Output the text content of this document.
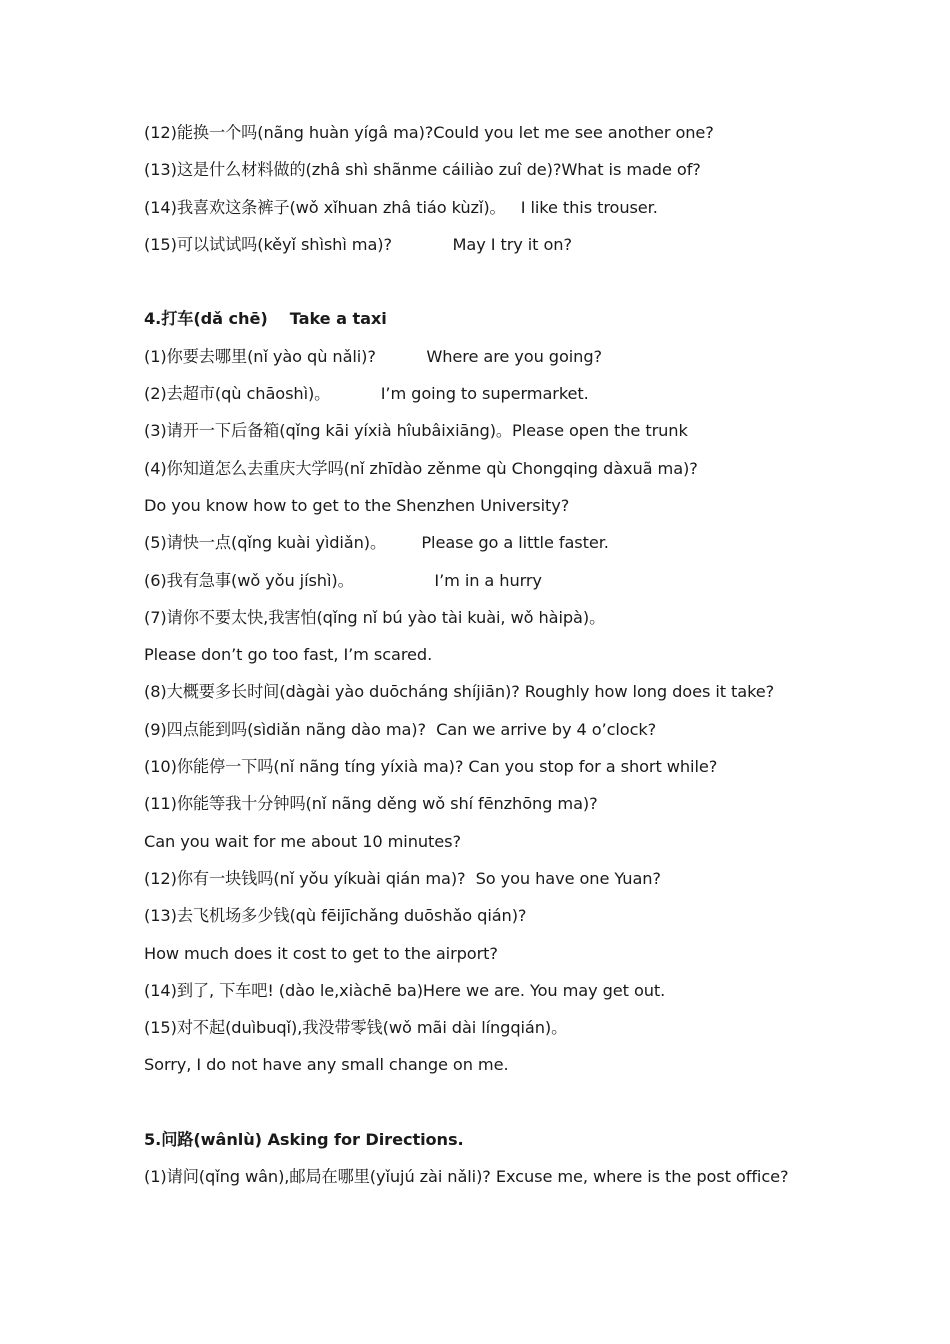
(12)能换一个吗(nãng huàn yígâ ma)?Could you let me see another one?
(13)这是什么材料做的(zhâ shì shãnme cáiliào zuî de)?What is made of?
(14)我喜欢这条裤子(wǒ xǐhuan zhâ tiáo kùzǐ)。   I like this trouser.
(15)可以试试吗(kěyǐ shìshì ma)?            May I try it on?
4.打车(dǎ chē)    Take a taxi
(1)你要去哪里(nǐ yào qù nǎli)?          Where are you going?
(2)去超市(qù chāoshì)。          I’m going to supermarket.
(3)请开一下后备箱(qǐng kāi yíxià hîubâixiāng)。Please open the trunk
(4)你知道怎么去重庆大学吗(nǐ zhīdào zěnme qù Chongqing dàxuã ma)?
Do you know how to get to the Shenzhen University?
(5)请快一点(qǐng kuài yìdiǎn)。       Please go a little faster.
(6)我有急事(wǒ yǒu jíshì)。                I’m in a hurry
(7)请你不要太快,我害怕(qǐng nǐ bú yào tài kuài, wǒ hàipà)。
Please don’t go too fast, I’m scared.
(8)大概要多长时间(dàgài yào duōcháng shíjiān)? Roughly how long does it take?
(9)四点能到吗(sìdiǎn nãng dào ma)?  Can we arrive by 4 o’clock?
(10)你能停一下吗(nǐ nãng tíng yíxià ma)? Can you stop for a short while?
(11)你能等我十分钟吗(nǐ nãng děng wǒ shí fēnzhōng ma)?
Can you wait for me about 10 minutes?
(12)你有一块钱吗(nǐ yǒu yíkuài qián ma)?  So you have one Yuan?
(13)去飞机场多少钱(qù fēijīchǎng duōshǎo qián)?
How much does it cost to get to the airport?
(14)到了, 下车吧! (dào le,xiàchē ba)Here we are. You may get out.
(15)对不起(duìbuqǐ),我没带零钱(wǒ mãi dài língqián)。
Sorry, I do not have any small change on me.
5.问路(wânlù) Asking for Directions.
(1)请问(qǐng wân),邮局在哪里(yǐujú zài nǎli)? Excuse me, where is the post office?
